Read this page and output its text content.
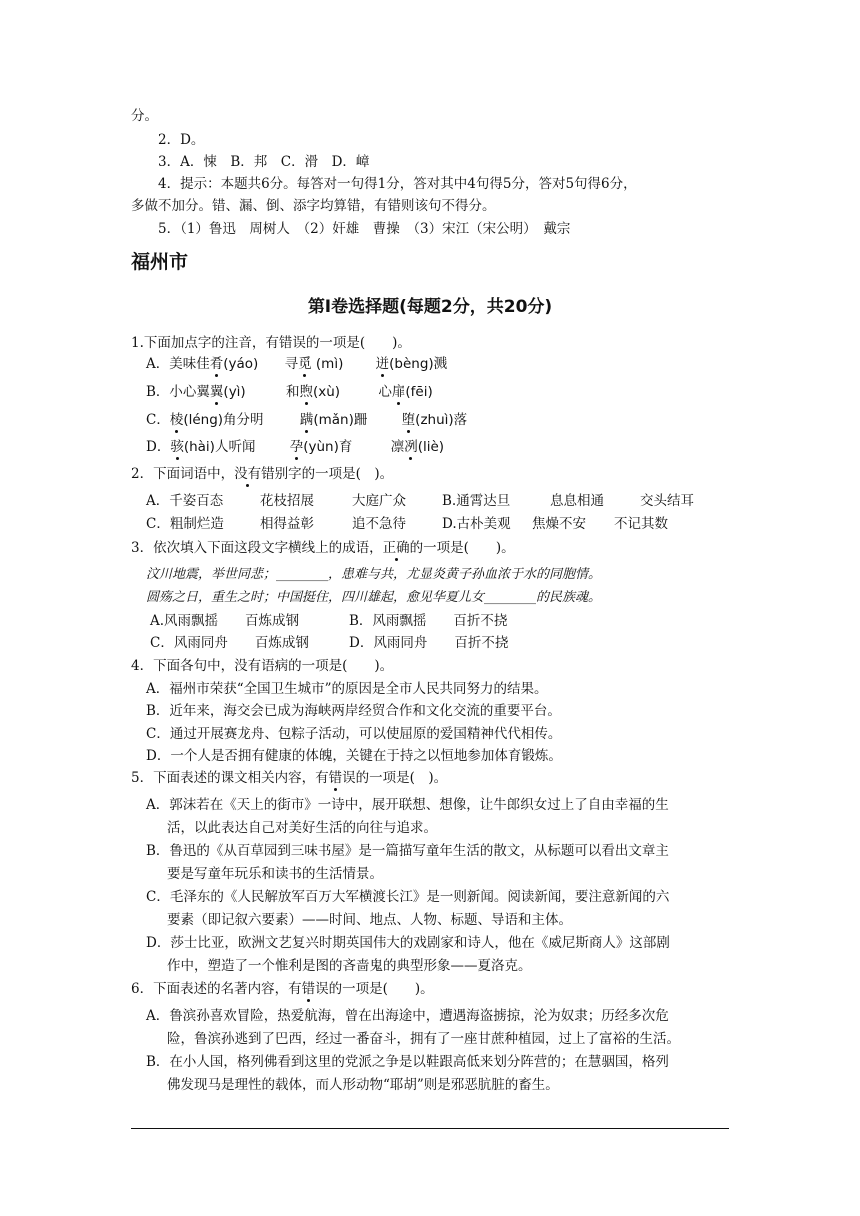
分。
2．D。
3．A．悚　B．邦　C．滑　D．嶂
4．提示：本题共6分。每答对一句得1分，答对其中4句得5分，答对5句得6分，
多做不加分。错、漏、倒、添字均算错，有错则该句不得分。
5．（1）鲁迅　周树人　（2）奸雄　曹操　（3）宋江（宋公明）　戴宗
福州市
第Ⅰ卷选择题(每题2分，共20分)
1.下面加点字的注音，有错误的一项是(　　)。
A．美味佳肴(yáo) 寻觅 (mì) 迸(bèng)溅
B．小心翼翼(yì)	和煦(xù)	心扉(fēi)
C．棱(léng)角分明	蹒(mǎn)跚	堕(zhuì)落
D．骇(hài)人听闻	孕(yùn)育	凛冽(liè)
2．下面词语中，没有错别字的一项是(　)。
A．千姿百态	花枝招展	大庭广众	B.通霄达旦	息息相通	交头结耳
C．粗制烂造	相得益彰	追不急待	D.古朴美观 焦燥不安 不记其数
3．依次填入下面这段文字横线上的成语，正确的一项是(　　)。
汶川地震，举世同悲；________，患难与共，尤显炎黄子孙血浓于水的同胞情。
圆殇之日，重生之时；中国挺住，四川雄起，愈见华夏儿女________的民族魂。
A.风雨飘摇　　百炼成钢	B．风雨飘摇　　百折不挠
C．风雨同舟　　百炼成钢	D．风雨同舟　　百折不挠
4．下面各句中，没有语病的一项是(　　)。
A．福州市荣获“全国卫生城市”的原因是全市人民共同努力的结果。
B．近年来，海交会已成为海峡两岸经贸合作和文化交流的重要平台。
C．通过开展赛龙舟、包粽子活动，可以使屈原的爱国精神代代相传。
D．一个人是否拥有健康的体魄，关键在于持之以恒地参加体育锻炼。
5．下面表述的课文相关内容，有错误的一项是(　)。
A．郭沫若在《天上的街市》一诗中，展开联想、想像，让牛郎织女过上了自由幸福的生
活，以此表达自己对美好生活的向往与追求。
B．鲁迅的《从百草园到三味书屋》是一篇描写童年生活的散文，从标题可以看出文章主
要是写童年玩乐和读书的生活情景。
C．毛泽东的《人民解放军百万大军横渡长江》是一则新闻。阅读新闻，要注意新闻的六
要素（即记叙六要素）——时间、地点、人物、标题、导语和主体。
D．莎士比亚，欧洲文艺复兴时期英国伟大的戏剧家和诗人，他在《威尼斯商人》这部剧
作中，塑造了一个惟利是图的吝啬鬼的典型形象——夏洛克。
6．下面表述的名著内容，有错误的一项是(　　)。
A．鲁滨孙喜欢冒险，热爱航海，曾在出海途中，遭遇海盗掳掠，沦为奴隶；历经多次危
险，鲁滨孙逃到了巴西，经过一番奋斗，拥有了一座甘蔗种植园，过上了富裕的生活。
B．在小人国，格列佛看到这里的党派之争是以鞋跟高低来划分阵营的；在慧骃国，格列
佛发现马是理性的载体，而人形动物“耶胡”则是邪恶肮脏的畜生。
